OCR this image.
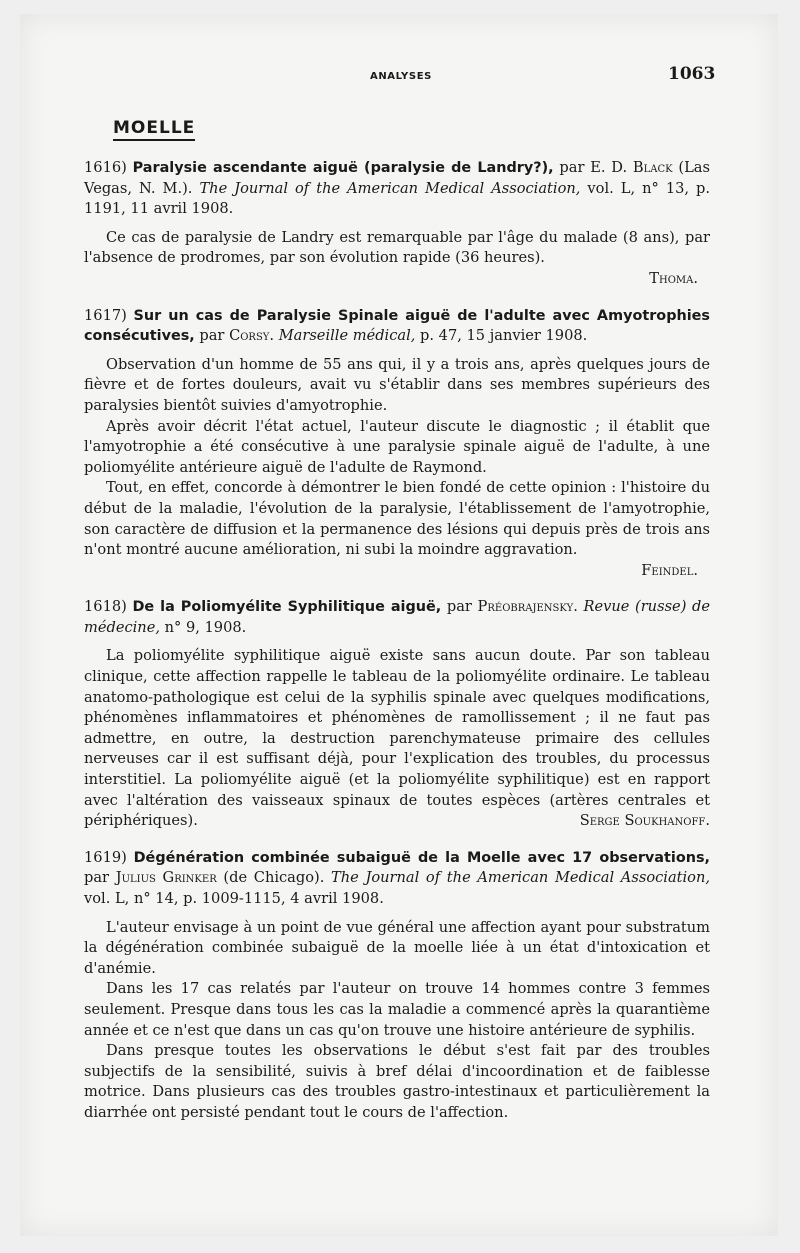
ANALYSES	1063
MOELLE

1616) Paralysie ascendante aiguë (paralysie de Landry?), par E. D. Black (Las Vegas, N. M.). The Journal of the American Medical Association, vol. L, n° 13, p. 1191, 11 avril 1908.

Ce cas de paralysie de Landry est remarquable par l'âge du malade (8 ans), par l'absence de prodromes, par son évolution rapide (36 heures).

Thoma.

1617) Sur un cas de Paralysie Spinale aiguë de l'adulte avec Amyotrophies consécutives, par Corsy. Marseille médical, p. 47, 15 janvier 1908.

Observation d'un homme de 55 ans qui, il y a trois ans, après quelques jours de fièvre et de fortes douleurs, avait vu s'établir dans ses membres supérieurs des paralysies bientôt suivies d'amyotrophie.

Après avoir décrit l'état actuel, l'auteur discute le diagnostic ; il établit que l'amyotrophie a été consécutive à une paralysie spinale aiguë de l'adulte, à une poliomyélite antérieure aiguë de l'adulte de Raymond.

Tout, en effet, concorde à démontrer le bien fondé de cette opinion : l'histoire du début de la maladie, l'évolution de la paralysie, l'établissement de l'amyotrophie, son caractère de diffusion et la permanence des lésions qui depuis près de trois ans n'ont montré aucune amélioration, ni subi la moindre aggravation.

Feindel.

1618) De la Poliomyélite Syphilitique aiguë, par Préobrajensky. Revue (russe) de médecine, n° 9, 1908.

La poliomyélite syphilitique aiguë existe sans aucun doute. Par son tableau clinique, cette affection rappelle le tableau de la poliomyélite ordinaire. Le tableau anatomo-pathologique est celui de la syphilis spinale avec quelques modifications, phénomènes inflammatoires et phénomènes de ramollissement ; il ne faut pas admettre, en outre, la destruction parenchymateuse primaire des cellules nerveuses car il est suffisant déjà, pour l'explication des troubles, du processus interstitiel. La poliomyélite aiguë (et la poliomyélite syphilitique) est en rapport avec l'altération des vaisseaux spinaux de toutes espèces (artères centrales et périphériques).	Serge Soukhanoff.

1619) Dégénération combinée subaiguë de la Moelle avec 17 observations, par Julius Grinker (de Chicago). The Journal of the American Medical Association, vol. L, n° 14, p. 1009-1115, 4 avril 1908.

L'auteur envisage à un point de vue général une affection ayant pour substratum la dégénération combinée subaiguë de la moelle liée à un état d'intoxication et d'anémie.

Dans les 17 cas relatés par l'auteur on trouve 14 hommes contre 3 femmes seulement. Presque dans tous les cas la maladie a commencé après la quarantième année et ce n'est que dans un cas qu'on trouve une histoire antérieure de syphilis.

Dans presque toutes les observations le début s'est fait par des troubles subjectifs de la sensibilité, suivis à bref délai d'incoordination et de faiblesse motrice. Dans plusieurs cas des troubles gastro-intestinaux et particulièrement la diarrhée ont persisté pendant tout le cours de l'affection.
